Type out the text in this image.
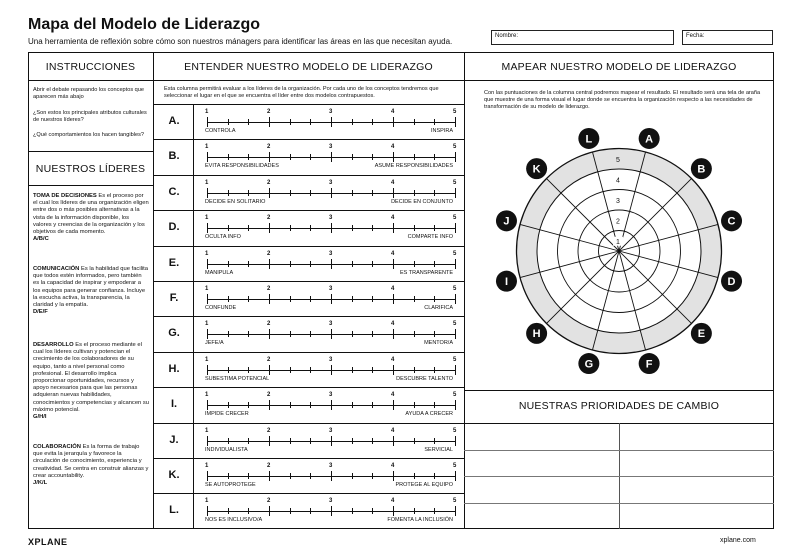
Mapa del Modelo de Liderazgo
Una herramienta de reflexión sobre cómo son nuestros mánagers para identificar las áreas en las que necesitan ayuda.
Nombre:	Fecha:
INSTRUCCIONES
Abrir el debate repasando los conceptos que aparecen más abajo
¿Son estos los principales atributos culturales de nuestros líderes?
¿Qué comportamientos los hacen tangibles?
NUESTROS LÍDERES
TOMA DE DECISIONES Es el proceso por el cual los líderes de una organización eligen entre dos o más posibles alternativas a la vista de la información disponible, los valores y creencias de la organización y los objetivos de cada momento.
A/B/C
COMUNICACIÓN Es la habilidad que facilita que todos estén informados, pero también es la capacidad de inspirar y empoderar a los equipos para generar confianza. Incluye la escucha activa, la transparencia, la claridad y la empatía.
D/E/F
DESARROLLO Es el proceso mediante el cual los líderes cultivan y potencian el crecimiento de los colaboradores de su equipo, tanto a nivel personal como profesional. El desarrollo implica proporcionar oportunidades, recursos y apoyo necesarios para que las personas adquieran nuevas habilidades, conocimientos y competencias y alcancen su máximo potencial.
G/H/I
COLABORACIÓN Es la forma de trabajo que evita la jerarquía y favorece la circulación de conocimiento, experiencia y creatividad. Se centra en construir alianzas y crear accountability.
J/K/L
ENTENDER NUESTRO MODELO DE LIDERAZGO
Esta columna permitirá evaluar a los líderes de la organización. Por cada uno de los conceptos tendremos que seleccionar el lugar en el que se encuentra el líder entre dos modelos contrapuestos.
A.
1	2	3	4	5
CONTROLA	INSPIRA
B.
1	2	3	4	5
EVITA RESPONSIBILIDADES	ASUME RESPONSIBILIDADES
C.
1	2	3	4	5
DECIDE EN SOLITARIO	DECIDE EN CONJUNTO
D.
1	2	3	4	5
OCULTA INFO	COMPARTE INFO
E.
1	2	3	4	5
MANIPULA	ES TRANSPARENTE
F.
1	2	3	4	5
CONFUNDE	CLARIFICA
G.
1	2	3	4	5
JEFE/A	MENTOR/A
H.
1	2	3	4	5
SUBESTIMA POTENCIAL	DESCUBRE TALENTO
I.
1	2	3	4	5
IMPIDE CRECER	AYUDA A CRECER
J.
1	2	3	4	5
INDIVIDUALISTA	SERVICIAL
K.
1	2	3	4	5
SE AUTOPROTEGE	PROTEGE AL EQUIPO
L.
1	2	3	4	5
NOS ES INCLUSIVO/A	FOMENTA LA INCLUSIÓN
MAPEAR NUESTRO MODELO DE LIDERAZGO
Con las puntuaciones de la columna central podremos mapear el resultado. El resultado será una tela de araña que muestre de una forma visual el lugar donde se encuentra la organización respecto a las necesidades de transformación de su modelo de liderazgo.
A
B
C
D
E
F
G
H
I
J
K
L
1
2
3
4
5
NUESTRAS PRIORIDADES DE CAMBIO
XPLANE	xplane.com
